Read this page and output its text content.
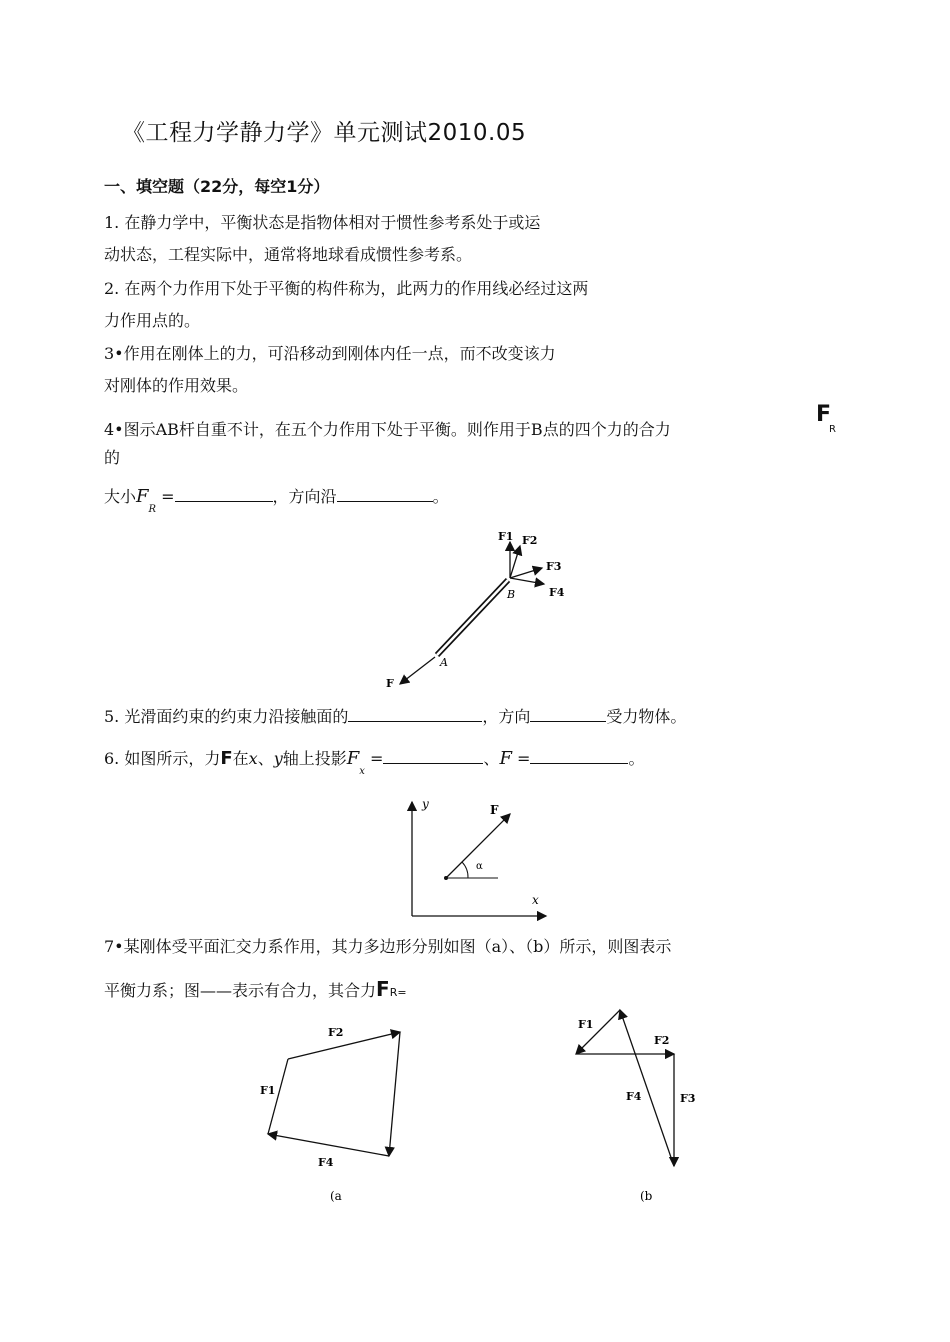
《工程力学静力学》单元测试2010.05
一、填空题（22分，每空1分）
1. 在静力学中，平衡状态是指物体相对于惯性参考系处于或运
动状态，工程实际中，通常将地球看成惯性参考系。
2. 在两个力作用下处于平衡的构件称为，此两力的作用线必经过这两
力作用点的。
3•作用在刚体上的力，可沿移动到刚体内任一点，而不改变该力
对刚体的作用效果。
4•图示AB杆自重不计，在五个力作用下处于平衡。则作用于B点的四个力的合力
F
R
的
大小$F_R$ =	，方向沿	。
F1 F2
F3
F4
B
A
F
5. 光滑面约束的约束力沿接触面的	，方向	受力物体。
6. 如图所示，力F在x、y轴上投影$F_x$ =	、F =	。
y
x
α
F
7•某刚体受平面汇交力系作用，其力多边形分别如图（a）、（b）所示，则图表示
平衡力系；图——表示有合力，其合力FR=
F2
F1
F4
(a
F1
F2
F3
F4
(b
